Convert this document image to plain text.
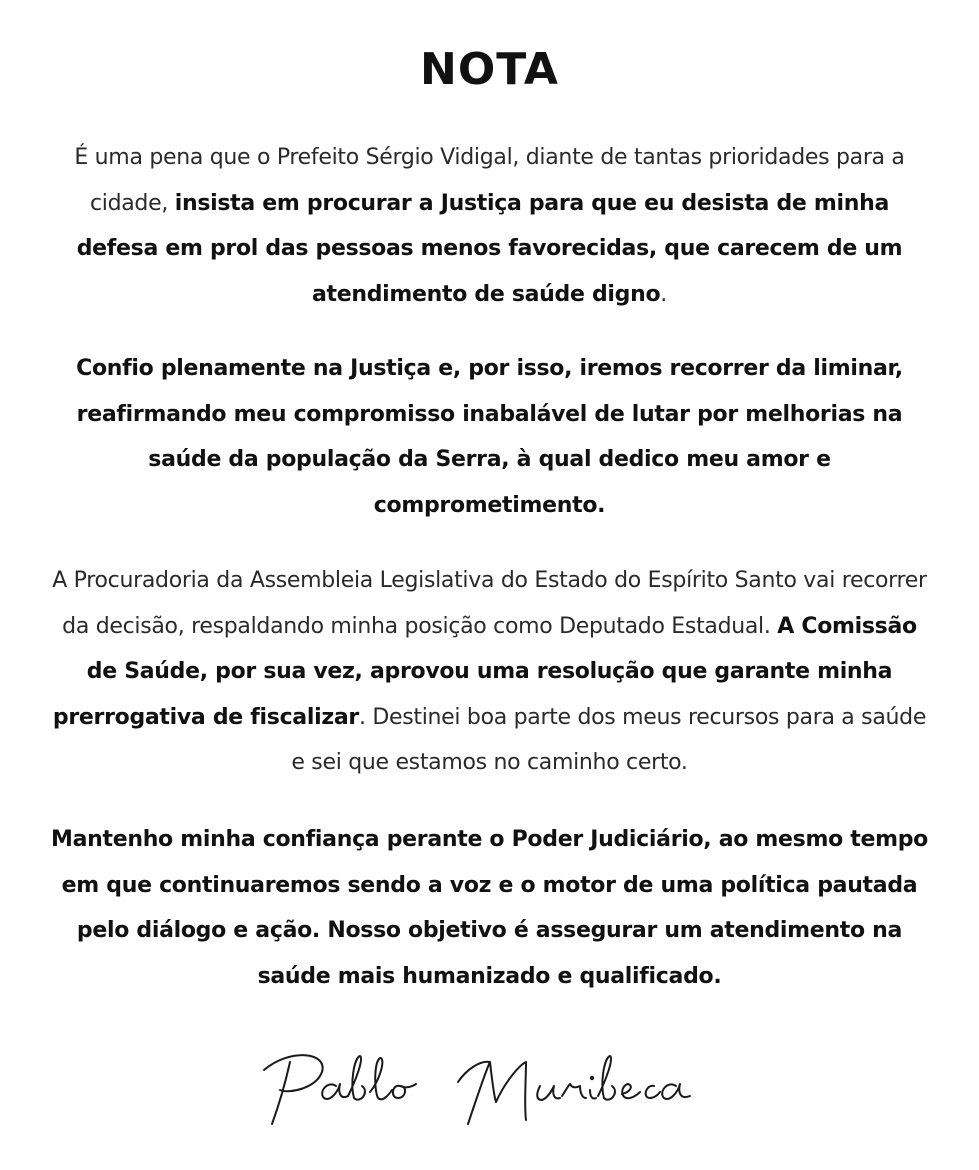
NOTA
É uma pena que o Prefeito Sérgio Vidigal, diante de tantas prioridades para a cidade, insista em procurar a Justiça para que eu desista de minha defesa em prol das pessoas menos favorecidas, que carecem de um atendimento de saúde digno.
Confio plenamente na Justiça e, por isso, iremos recorrer da liminar, reafirmando meu compromisso inabalável de lutar por melhorias na saúde da população da Serra, à qual dedico meu amor e comprometimento.
A Procuradoria da Assembleia Legislativa do Estado do Espírito Santo vai recorrer da decisão, respaldando minha posição como Deputado Estadual. A Comissão de Saúde, por sua vez, aprovou uma resolução que garante minha prerrogativa de fiscalizar. Destinei boa parte dos meus recursos para a saúde e sei que estamos no caminho certo.
Mantenho minha confiança perante o Poder Judiciário, ao mesmo tempo em que continuaremos sendo a voz e o motor de uma política pautada pelo diálogo e ação. Nosso objetivo é assegurar um atendimento na saúde mais humanizado e qualificado.
